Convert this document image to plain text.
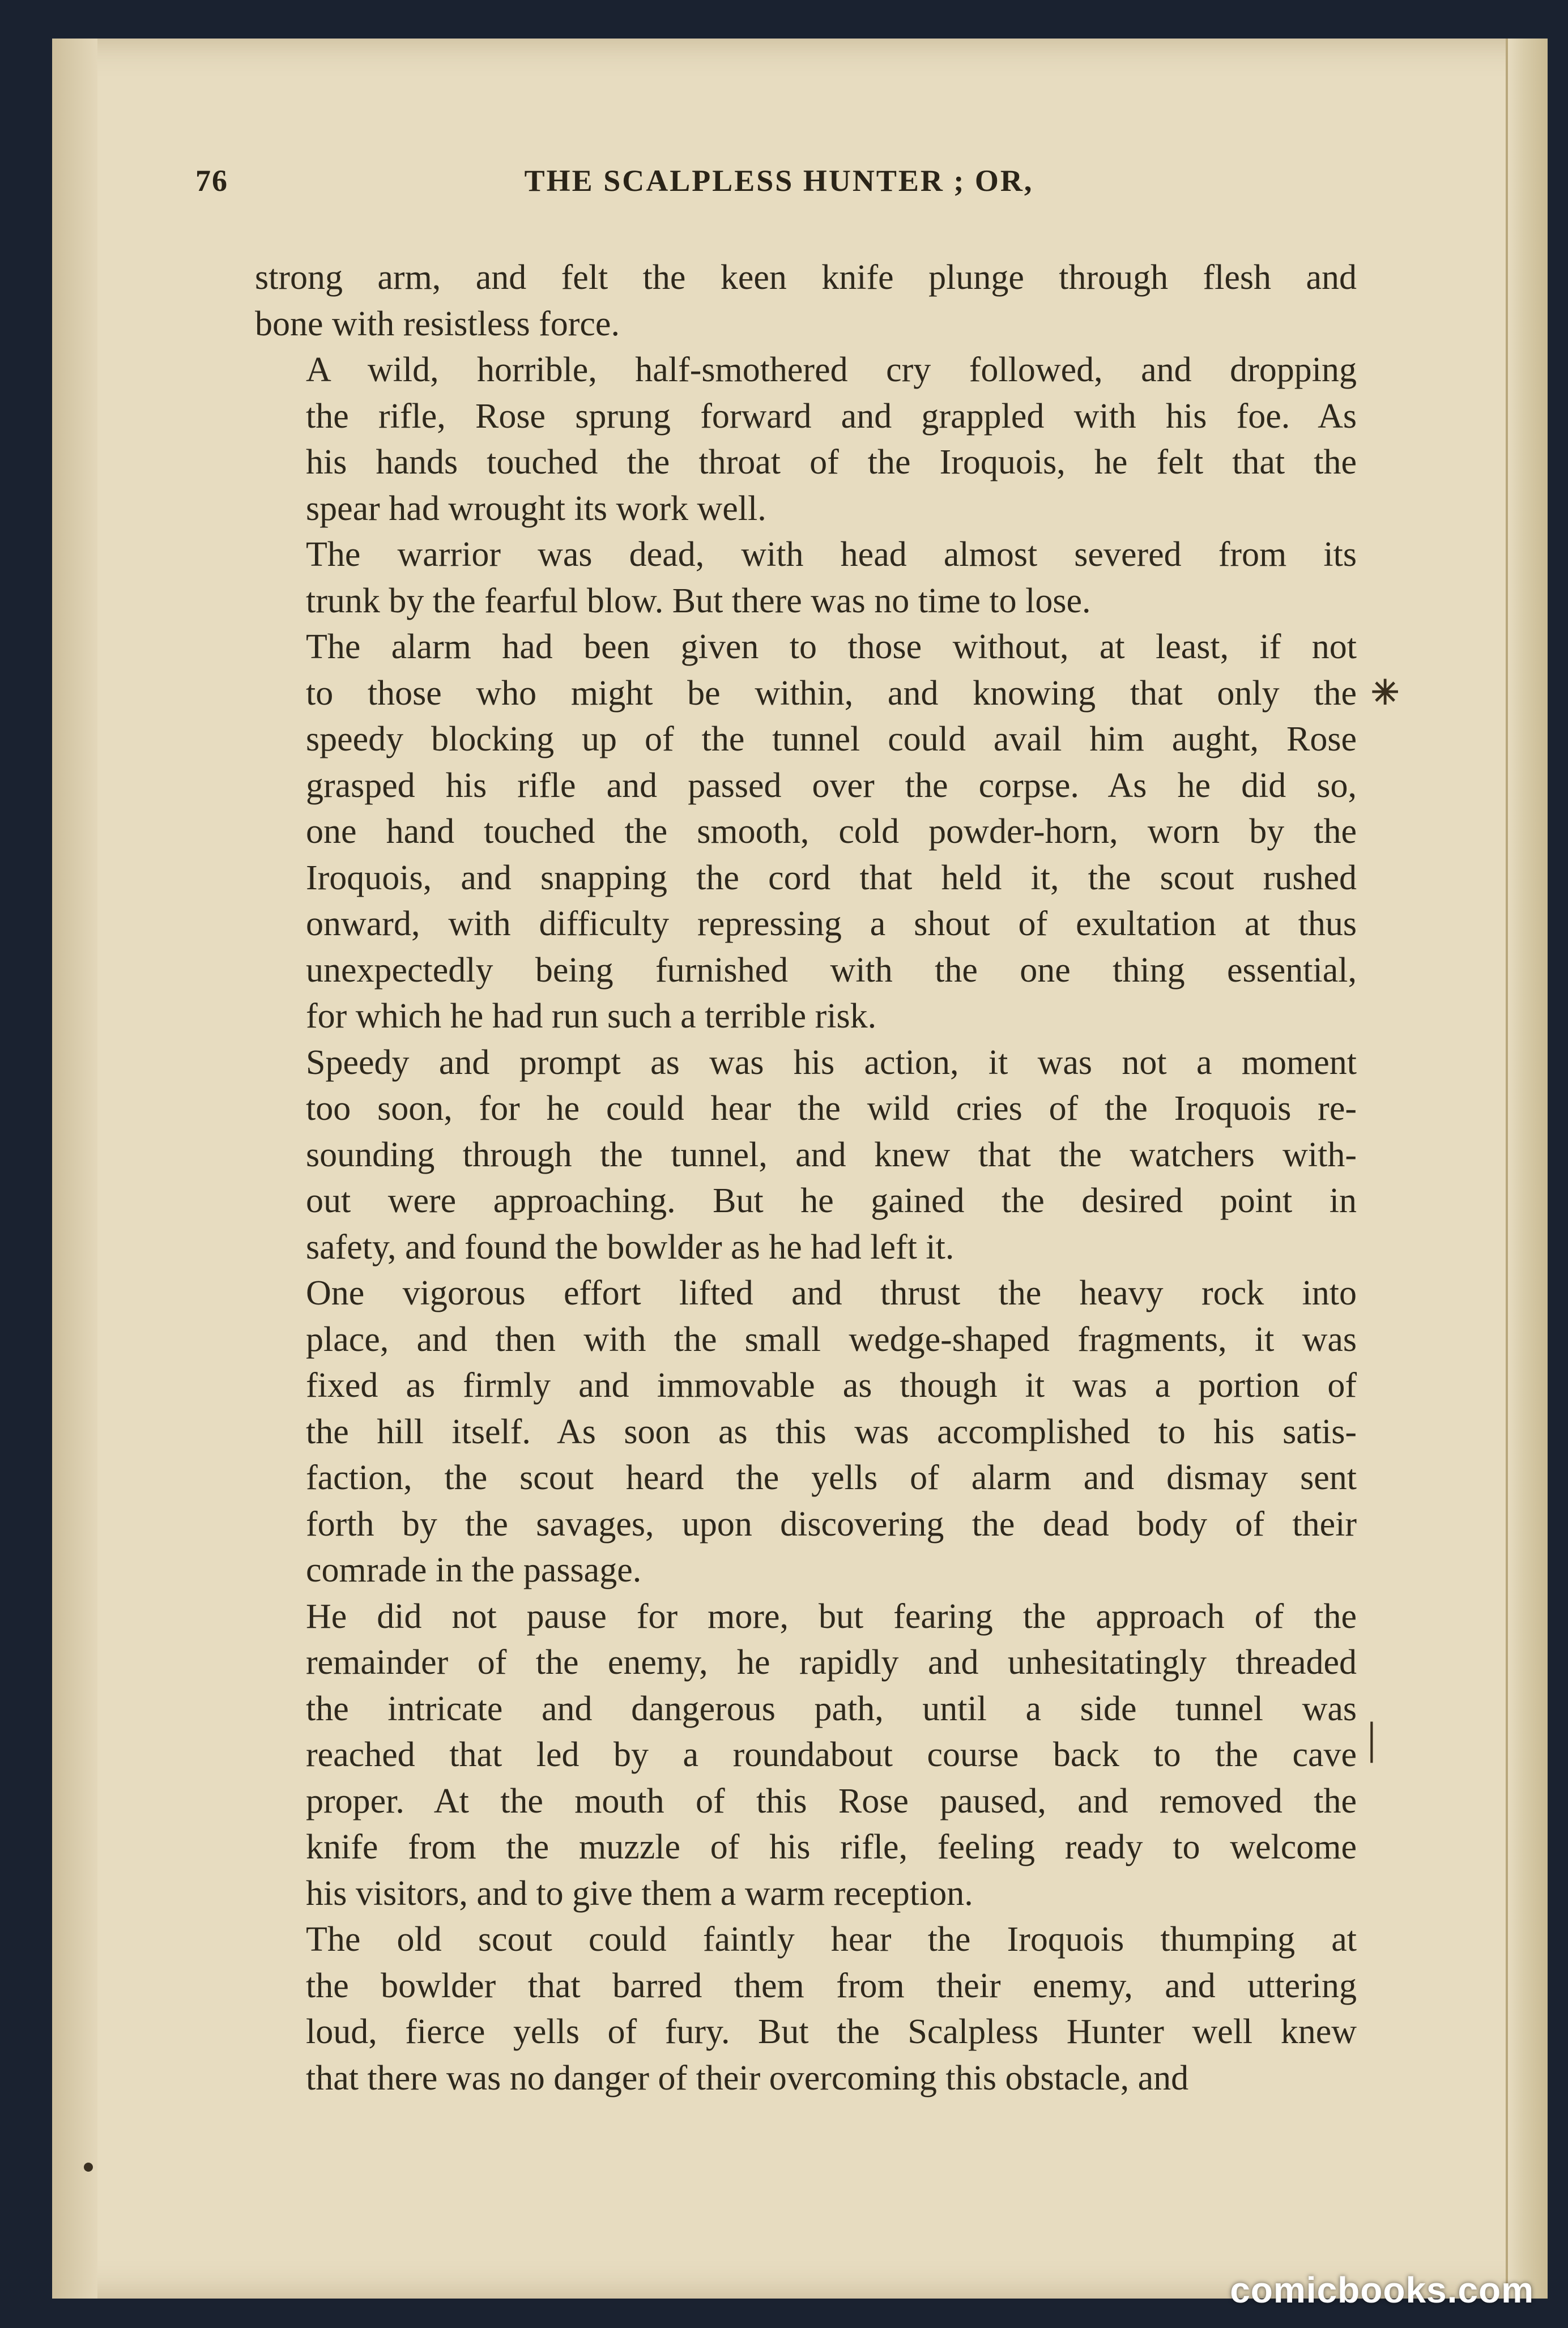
76	THE SCALPLESS HUNTER ; OR,

strong arm, and felt the keen knife plunge through flesh and
bone with resistless force.

A wild, horrible, half-smothered cry followed, and dropping
the rifle, Rose sprung forward and grappled with his foe. As
his hands touched the throat of the Iroquois, he felt that the
spear had wrought its work well.

The warrior was dead, with head almost severed from its
trunk by the fearful blow. But there was no time to lose.

The alarm had been given to those without, at least, if not
to those who might be within, and knowing that only the
speedy blocking up of the tunnel could avail him aught, Rose
grasped his rifle and passed over the corpse. As he did so,
one hand touched the smooth, cold powder-horn, worn by the
Iroquois, and snapping the cord that held it, the scout rushed
onward, with difficulty repressing a shout of exultation at thus
unexpectedly being furnished with the one thing essential,
for which he had run such a terrible risk.

Speedy and prompt as was his action, it was not a moment
too soon, for he could hear the wild cries of the Iroquois re-
sounding through the tunnel, and knew that the watchers with-
out were approaching. But he gained the desired point in
safety, and found the bowlder as he had left it.

One vigorous effort lifted and thrust the heavy rock into
place, and then with the small wedge-shaped fragments, it was
fixed as firmly and immovable as though it was a portion of
the hill itself. As soon as this was accomplished to his satis-
faction, the scout heard the yells of alarm and dismay sent
forth by the savages, upon discovering the dead body of their
comrade in the passage.

He did not pause for more, but fearing the approach of the
remainder of the enemy, he rapidly and unhesitatingly threaded
the intricate and dangerous path, until a side tunnel was
reached that led by a roundabout course back to the cave
proper. At the mouth of this Rose paused, and removed the
knife from the muzzle of his rifle, feeling ready to welcome
his visitors, and to give them a warm reception.

The old scout could faintly hear the Iroquois thumping at
the bowlder that barred them from their enemy, and uttering
loud, fierce yells of fury. But the Scalpless Hunter well knew
that there was no danger of their overcoming this obstacle, and

✳
│
comicbooks.com
